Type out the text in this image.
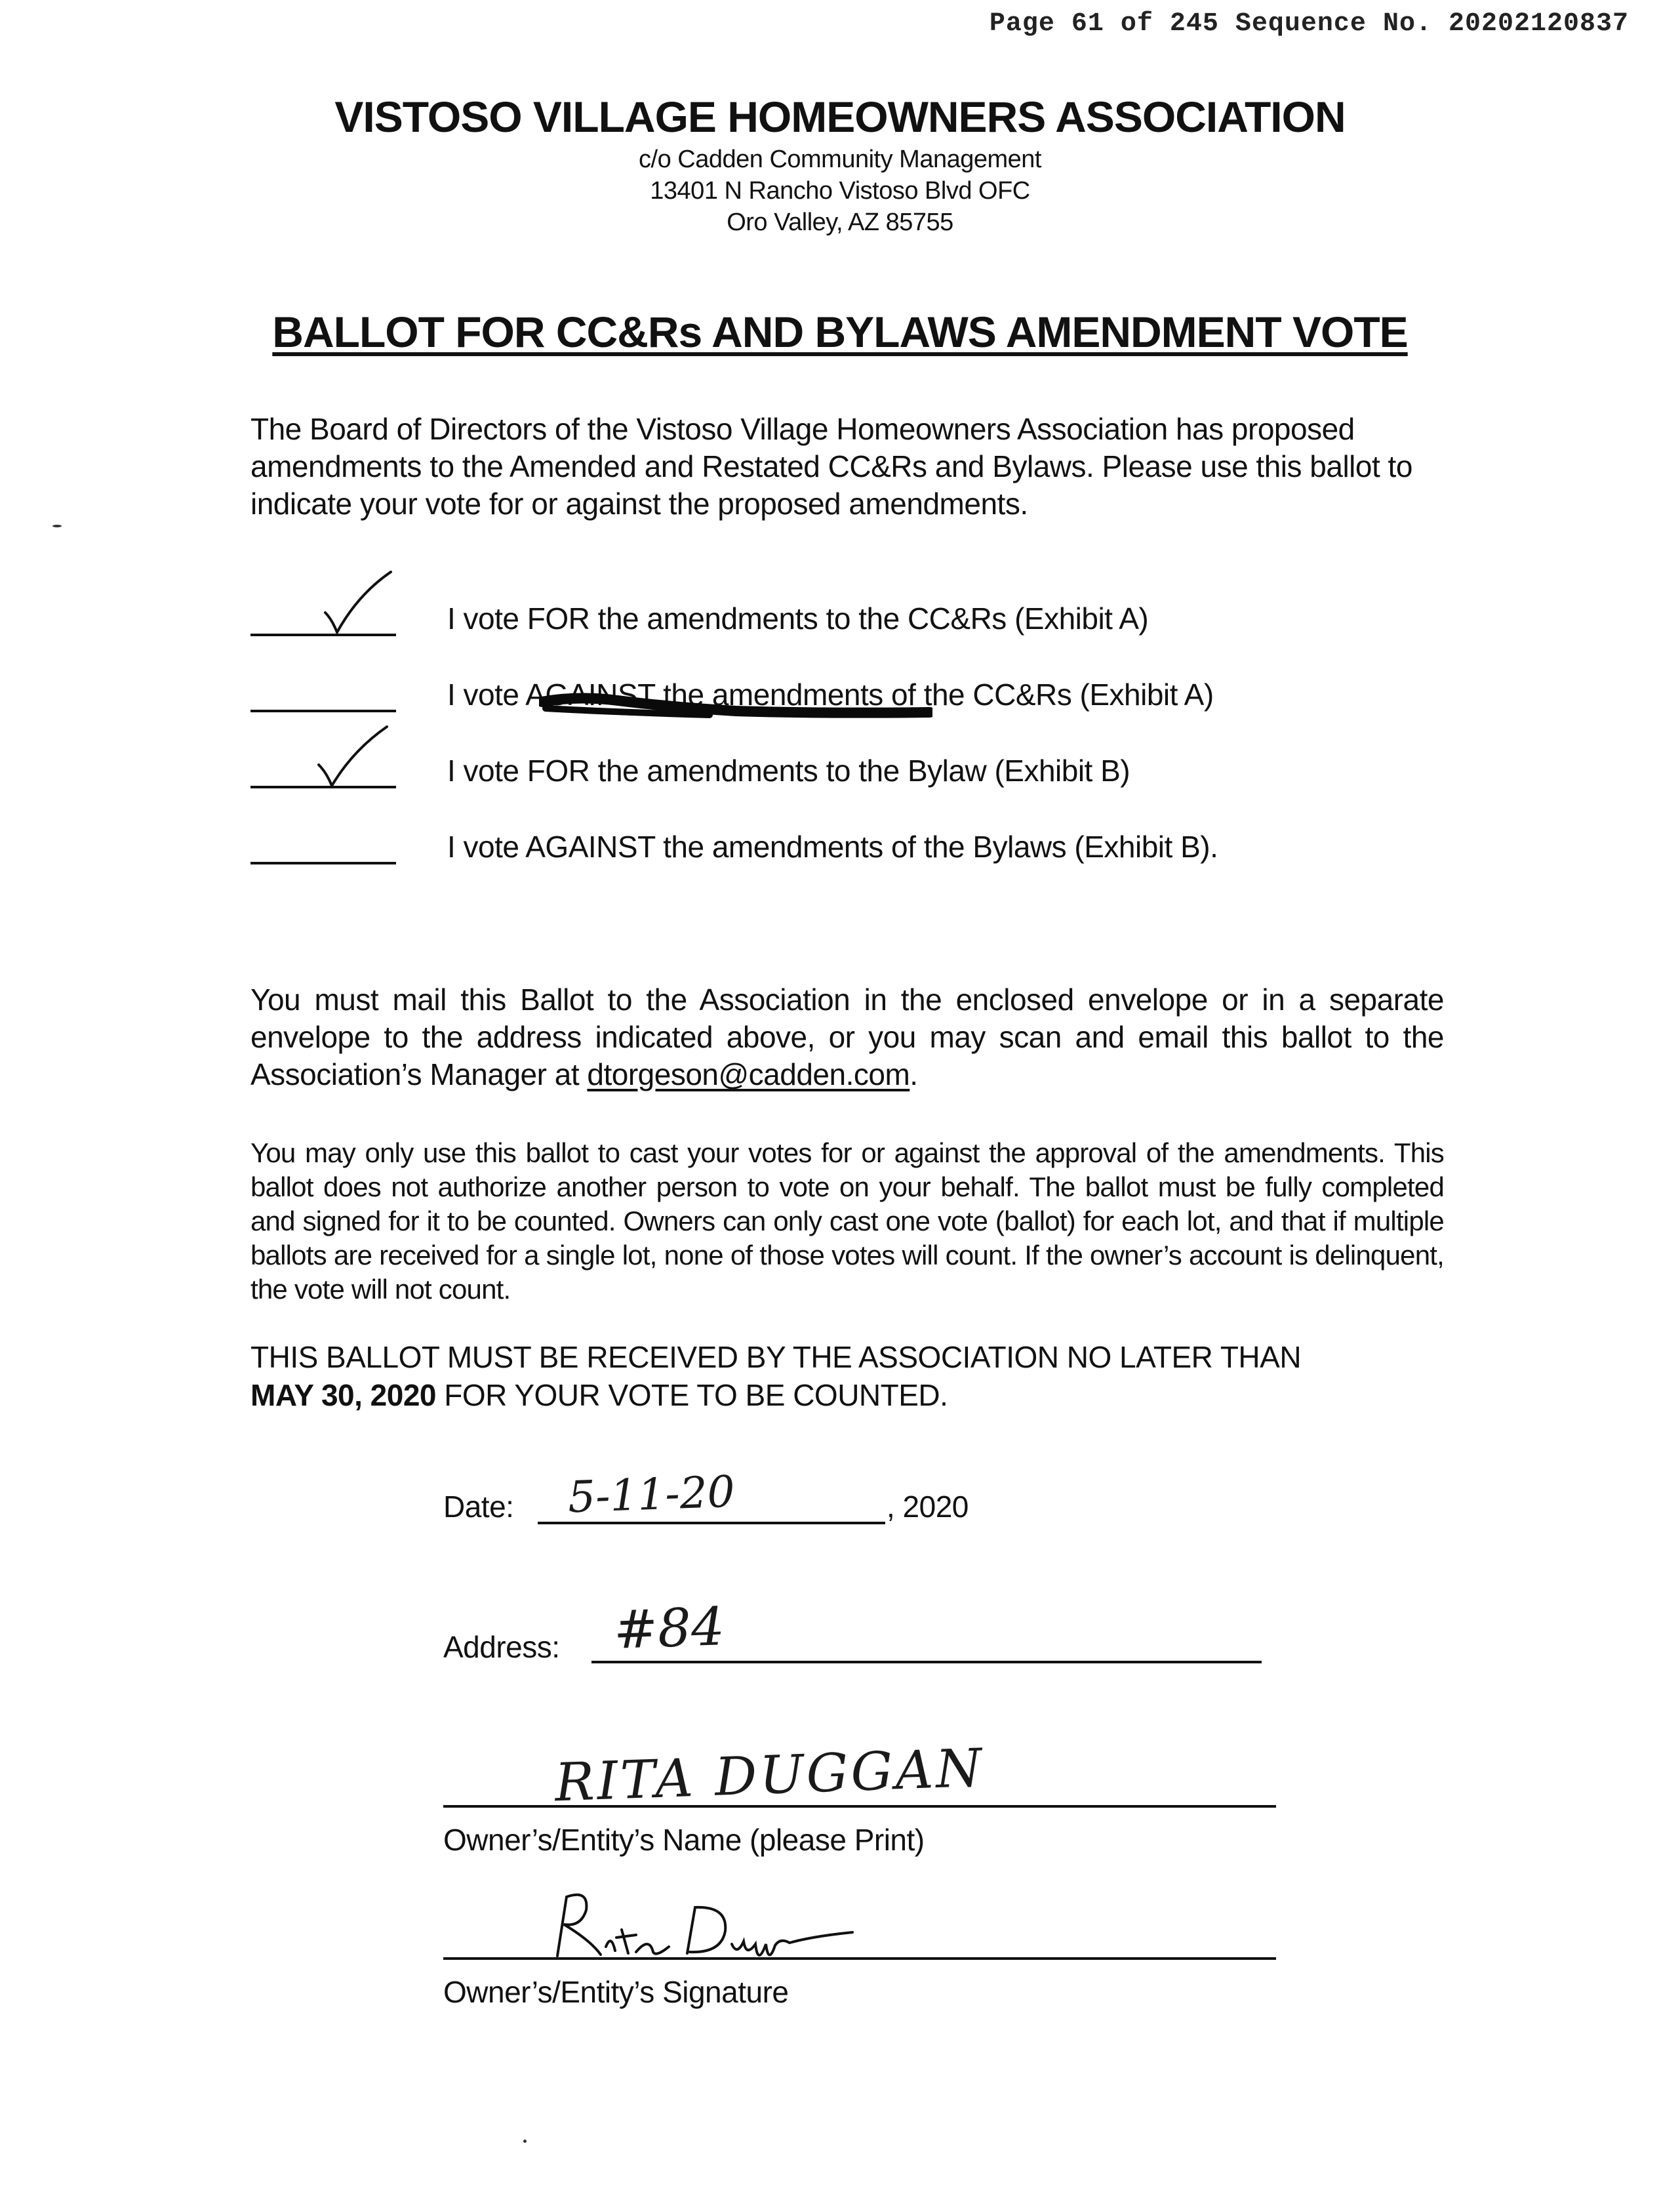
Page 61 of 245 Sequence No. 20202120837
VISTOSO VILLAGE HOMEOWNERS ASSOCIATION
c/o Cadden Community Management
13401 N Rancho Vistoso Blvd OFC
Oro Valley, AZ 85755
BALLOT FOR CC&Rs AND BYLAWS AMENDMENT VOTE
The Board of Directors of the Vistoso Village Homeowners Association has proposed amendments to the Amended and Restated CC&Rs and Bylaws. Please use this ballot to indicate your vote for or against the proposed amendments.
I vote FOR the amendments to the CC&Rs (Exhibit A)
I vote AGAINST the amendments of the CC&Rs (Exhibit A)
I vote FOR the amendments to the Bylaw (Exhibit B)
I vote AGAINST the amendments of the Bylaws (Exhibit B).
You must mail this Ballot to the Association in the enclosed envelope or in a separate envelope to the address indicated above, or you may scan and email this ballot to the Association’s Manager at dtorgeson@cadden.com.
You may only use this ballot to cast your votes for or against the approval of the amendments. This ballot does not authorize another person to vote on your behalf. The ballot must be fully completed and signed for it to be counted. Owners can only cast one vote (ballot) for each lot, and that if multiple ballots are received for a single lot, none of those votes will count. If the owner’s account is delinquent, the vote will not count.
THIS BALLOT MUST BE RECEIVED BY THE ASSOCIATION NO LATER THAN
MAY 30, 2020 FOR YOUR VOTE TO BE COUNTED.
Date: 5-11-20	, 2020
Address: #84
RITA DUGGAN
Owner’s/Entity’s Name (please Print)
Owner’s/Entity’s Signature
